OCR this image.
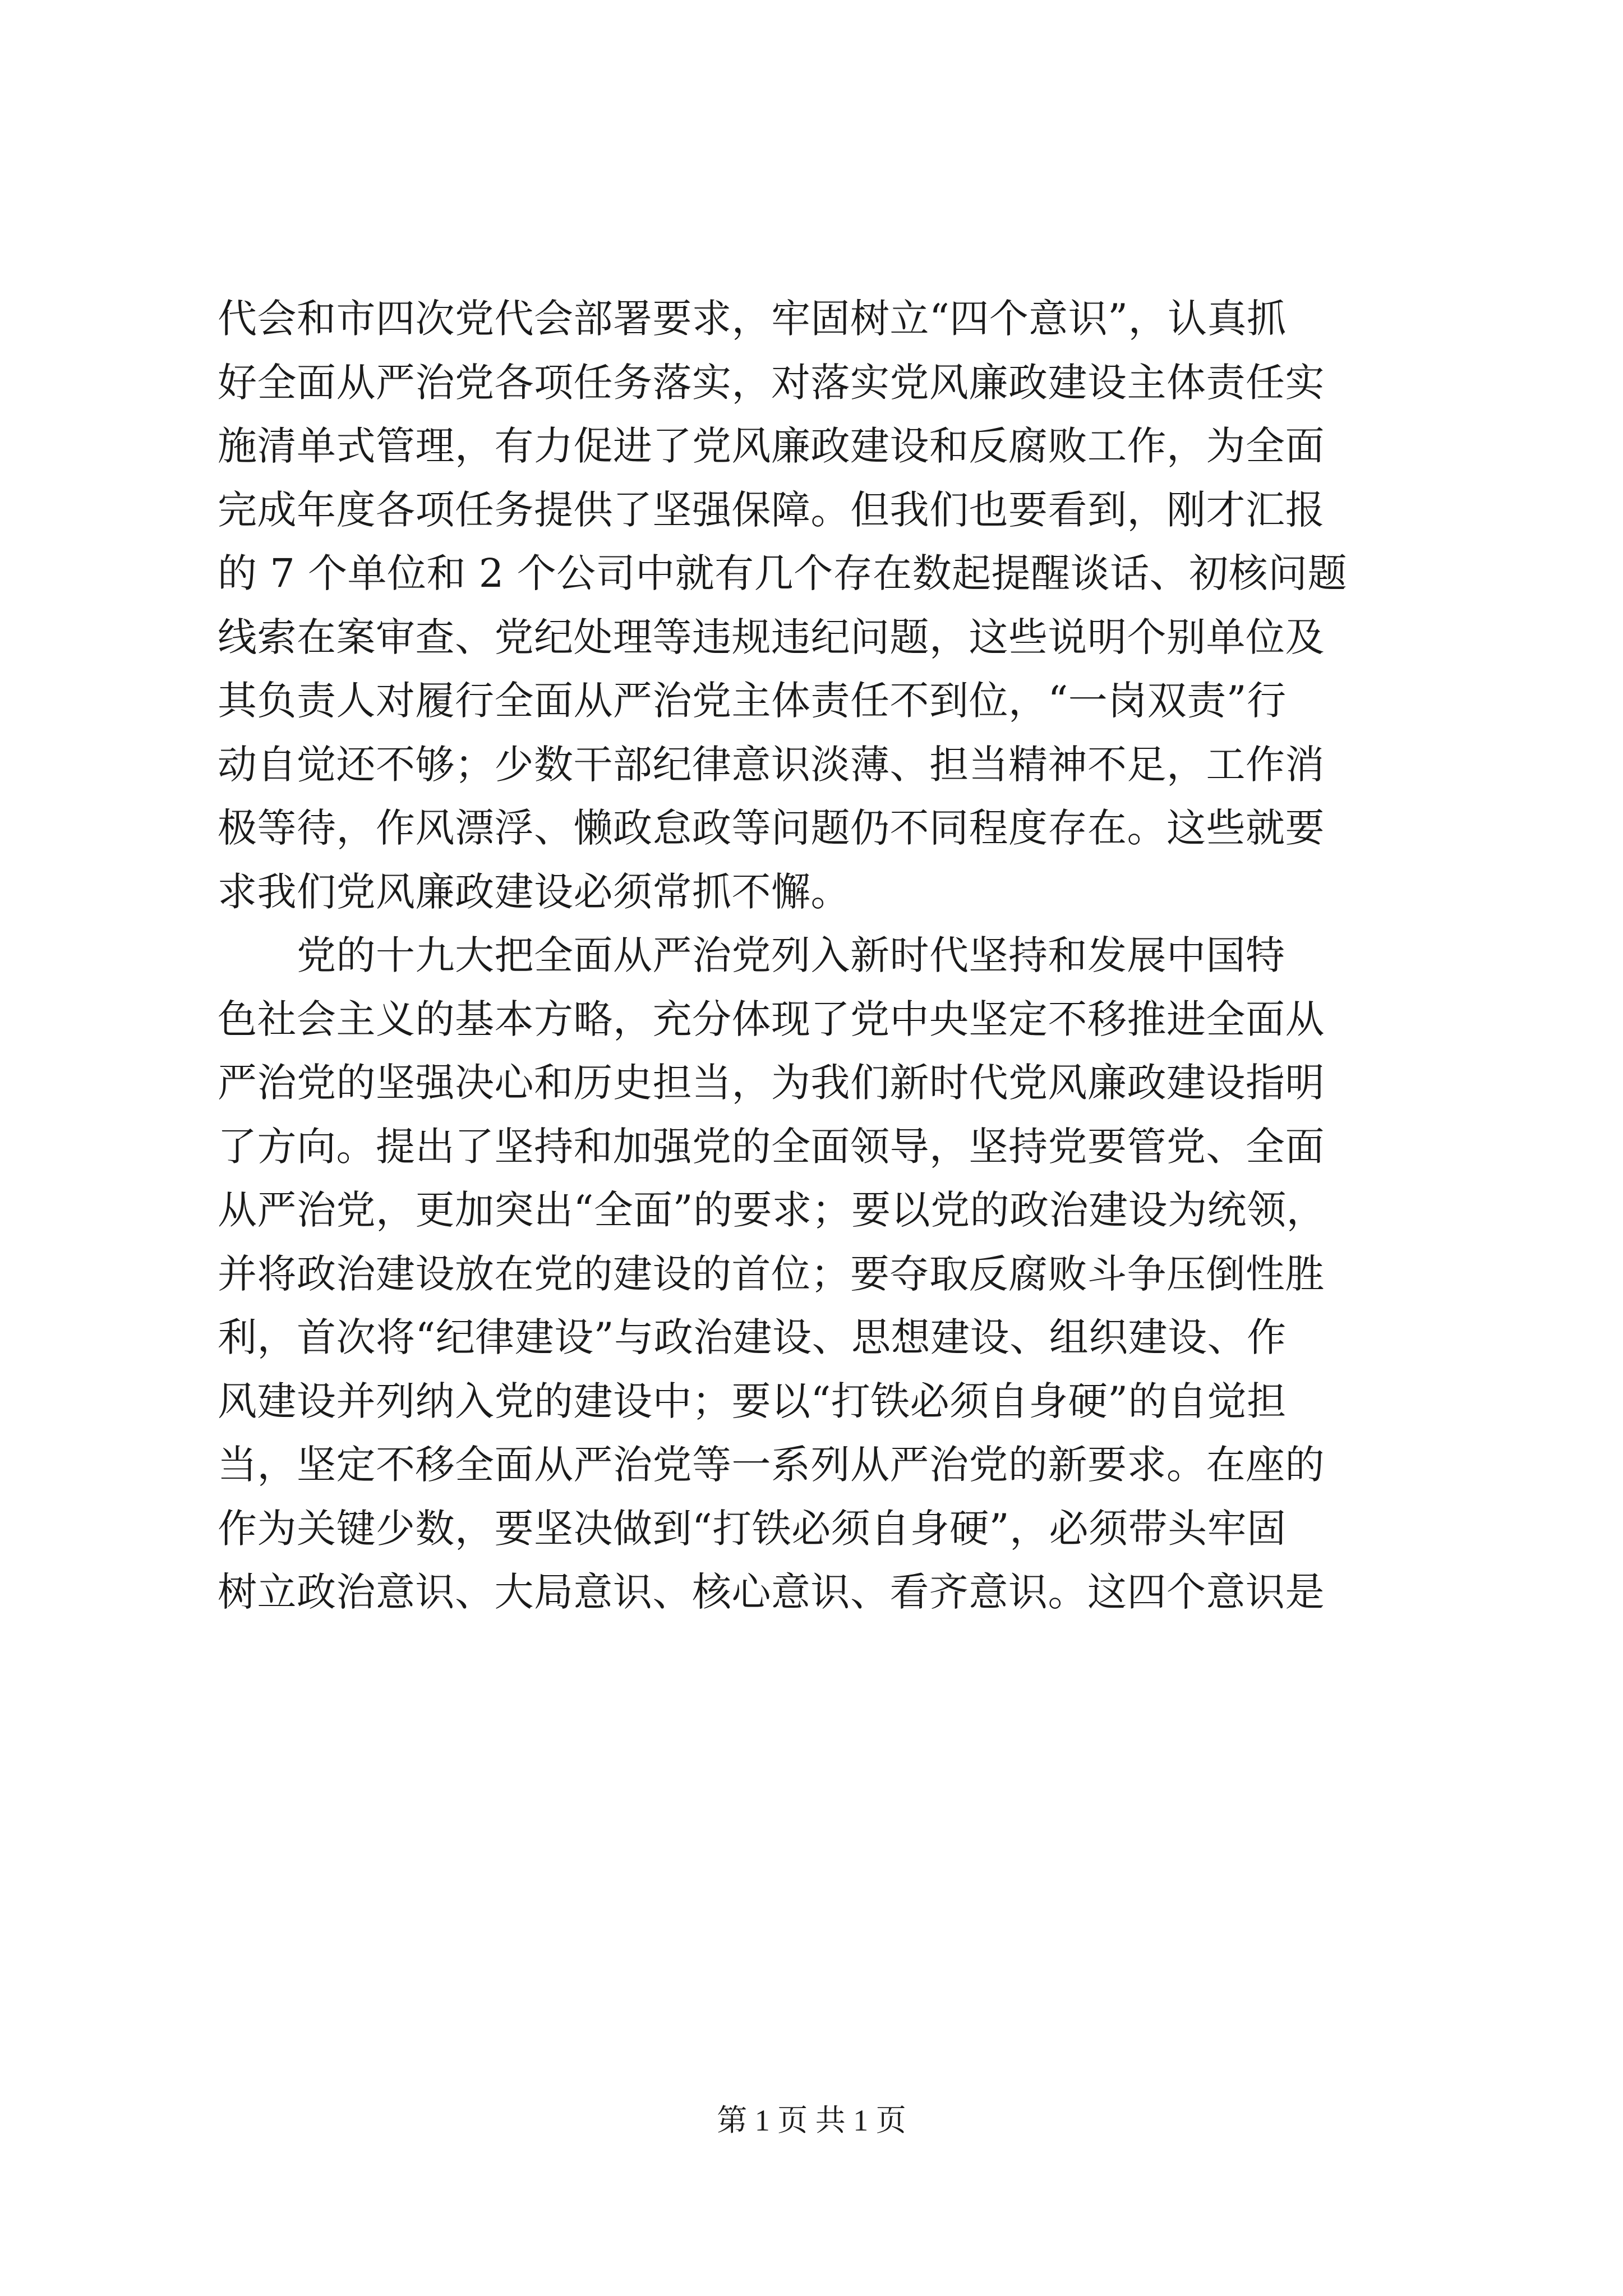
代会和市四次党代会部署要求，牢固树立“四个意识”，认真抓
好全面从严治党各项任务落实，对落实党风廉政建设主体责任实
施清单式管理，有力促进了党风廉政建设和反腐败工作，为全面
完成年度各项任务提供了坚强保障。但我们也要看到，刚才汇报
的 7 个单位和 2 个公司中就有几个存在数起提醒谈话、初核问题
线索在案审查、党纪处理等违规违纪问题，这些说明个别单位及
其负责人对履行全面从严治党主体责任不到位，“一岗双责”行
动自觉还不够；少数干部纪律意识淡薄、担当精神不足，工作消
极等待，作风漂浮、懒政怠政等问题仍不同程度存在。这些就要
求我们党风廉政建设必须常抓不懈。
　　党的十九大把全面从严治党列入新时代坚持和发展中国特
色社会主义的基本方略，充分体现了党中央坚定不移推进全面从
严治党的坚强决心和历史担当，为我们新时代党风廉政建设指明
了方向。提出了坚持和加强党的全面领导，坚持党要管党、全面
从严治党，更加突出“全面”的要求；要以党的政治建设为统领，
并将政治建设放在党的建设的首位；要夺取反腐败斗争压倒性胜
利，首次将“纪律建设”与政治建设、思想建设、组织建设、作
风建设并列纳入党的建设中；要以“打铁必须自身硬”的自觉担
当，坚定不移全面从严治党等一系列从严治党的新要求。在座的
作为关键少数，要坚决做到“打铁必须自身硬”，必须带头牢固
树立政治意识、大局意识、核心意识、看齐意识。这四个意识是
第 1 页 共 1 页
